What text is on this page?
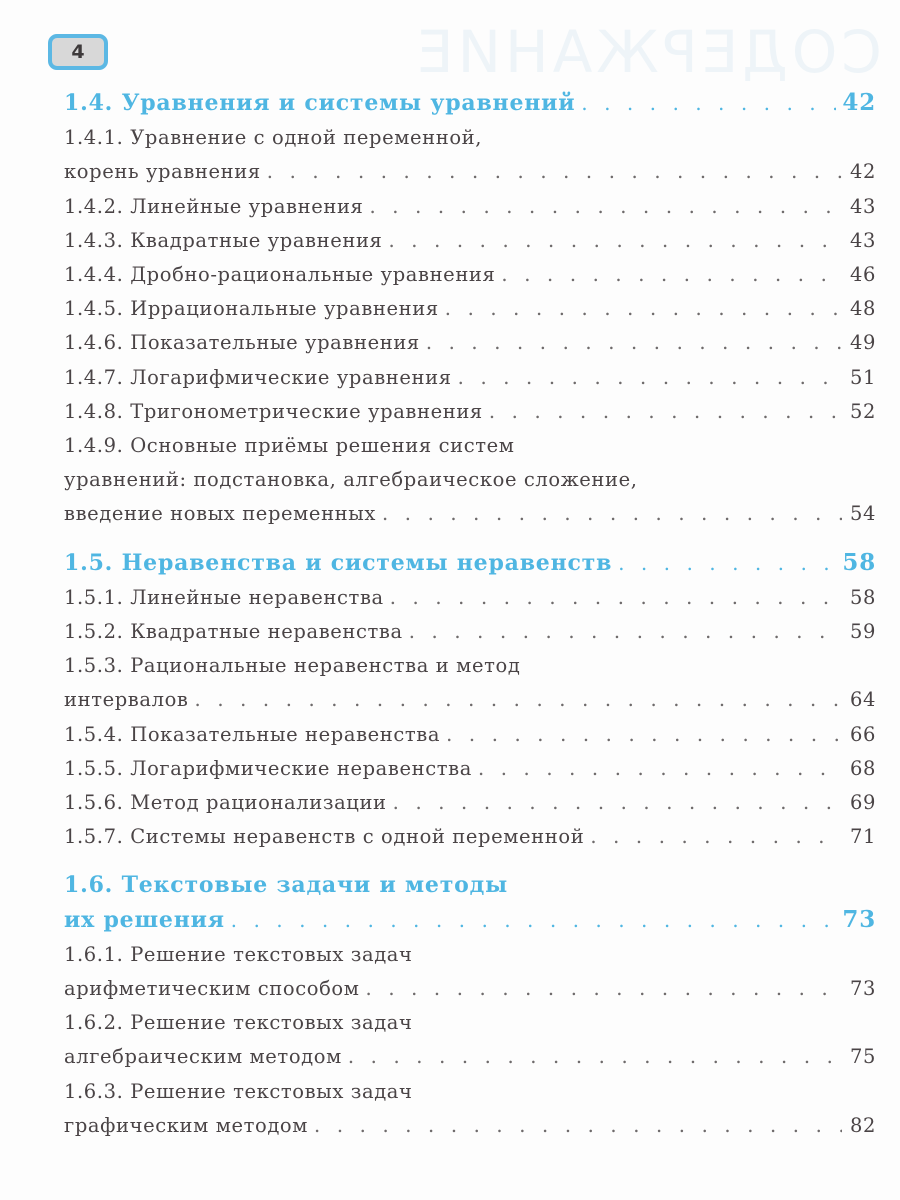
СОДЕРЖАНИЕ
4
1.4. Уравнения и системы уравнений . . .	42
1.4.1. Уравнение с одной переменной,
корень уравнения . . .	42
1.4.2. Линейные уравнения . . .	43
1.4.3. Квадратные уравнения . . .	43
1.4.4. Дробно-рациональные уравнения . . .	46
1.4.5. Иррациональные уравнения . . .	48
1.4.6. Показательные уравнения . . .	49
1.4.7. Логарифмические уравнения . . .	51
1.4.8. Тригонометрические уравнения . . .	52
1.4.9. Основные приёмы решения систем
уравнений: подстановка, алгебраическое сложение,
введение новых переменных . . .	54
1.5. Неравенства и системы неравенств . . .	58
1.5.1. Линейные неравенства . . .	58
1.5.2. Квадратные неравенства . . .	59
1.5.3. Рациональные неравенства и метод
интервалов . . .	64
1.5.4. Показательные неравенства . . .	66
1.5.5. Логарифмические неравенства . . .	68
1.5.6. Метод рационализации . . .	69
1.5.7. Системы неравенств с одной переменной . . .	71
1.6. Текстовые задачи и методы
их решения . . .	73
1.6.1. Решение текстовых задач
арифметическим способом . . .	73
1.6.2. Решение текстовых задач
алгебраическим методом . . .	75
1.6.3. Решение текстовых задач
графическим методом . . .	82
